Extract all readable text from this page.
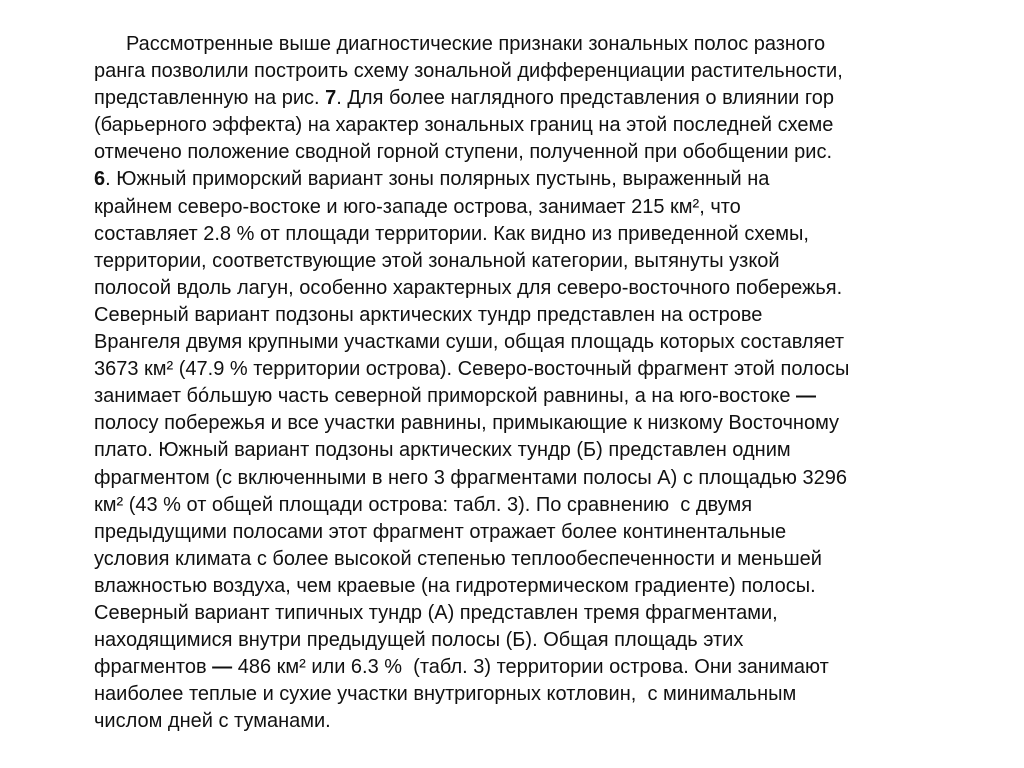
Рассмотренные выше диагностические признаки зональных полос разного
ранга позволили построить схему зональной дифференциации растительности,
представленную на рис. 7. Для более наглядного представления о влиянии гор
(барьерного эффекта) на характер зональных границ на этой последней схеме
отмечено положение сводной горной ступени, полученной при обобщении рис.
6. Южный приморский вариант зоны полярных пустынь, выраженный на
крайнем северо-востоке и юго-западе острова, занимает 215 км², что
составляет 2.8 % от площади территории. Как видно из приведенной схемы,
территории, соответствующие этой зональной категории, вытянуты узкой
полосой вдоль лагун, особенно характерных для северо-восточного побережья.
Северный вариант подзоны арктических тундр представлен на острове
Врангеля двумя крупными участками суши, общая площадь которых составляет
3673 км² (47.9 % территории острова). Северо-восточный фрагмент этой полосы
занимает бóльшую часть северной приморской равнины, а на юго-востоке —
полосу побережья и все участки равнины, примыкающие к низкому Восточному
плато. Южный вариант подзоны арктических тундр (Б) представлен одним
фрагментом (с включенными в него 3 фрагментами полосы А) с площадью 3296
км² (43 % от общей площади острова: табл. 3). По сравнению  с двумя
предыдущими полосами этот фрагмент отражает более континентальные
условия климата с более высокой степенью теплообеспеченности и меньшей
влажностью воздуха, чем краевые (на гидротермическом градиенте) полосы.
Северный вариант типичных тундр (А) представлен тремя фрагментами,
находящимися внутри предыдущей полосы (Б). Общая площадь этих
фрагментов — 486 км² или 6.3 %  (табл. 3) территории острова. Они занимают
наиболее теплые и сухие участки внутригорных котловин,  с минимальным
числом дней с туманами.
